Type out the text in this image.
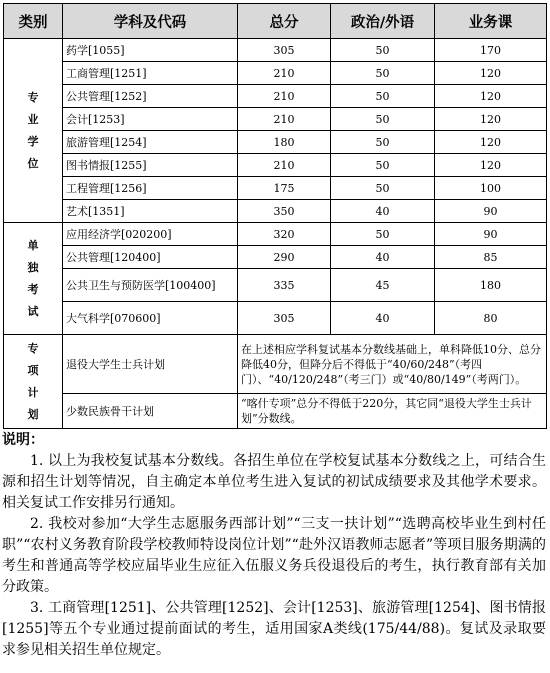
类别	学科及代码	总分	政治/外语	业务课
专业学位	药学[1055]	305	50	170
	工商管理[1251]	210	50	120
	公共管理[1252]	210	50	120
	会计[1253]	210	50	120
	旅游管理[1254]	180	50	120
	图书情报[1255]	210	50	120
	工程管理[1256]	175	50	100
	艺术[1351]	350	40	90
单独考试	应用经济学[020200]	320	50	90
	公共管理[120400]	290	40	85
	公共卫生与预防医学[100400]	335	45	180
	大气科学[070600]	305	40	80
专项计划	退役大学生士兵计划	在上述相应学科复试基本分数线基础上，单科降低10分、总分降低40分，但降分后不得低于“40/60/248”（考四门）、“40/120/248”（考三门）或“40/80/149”（考两门）。		
	少数民族骨干计划	“喀什专项”总分不得低于220分，其它同“退役大学生士兵计划”分数线。		
说明：

1. 以上为我校复试基本分数线。各招生单位在学校复试基本分数线之上，可结合生源和招生计划等情况，自主确定本单位考生进入复试的初试成绩要求及其他学术要求。相关复试工作安排另行通知。

2. 我校对参加“大学生志愿服务西部计划”“三支一扶计划”“选聘高校毕业生到村任职”“农村义务教育阶段学校教师特设岗位计划”“赴外汉语教师志愿者”等项目服务期满的考生和普通高等学校应届毕业生应征入伍服义务兵役退役后的考生，执行教育部有关加分政策。

3. 工商管理[1251]、公共管理[1252]、会计[1253]、旅游管理[1254]、图书情报[1255]等五个专业通过提前面试的考生，适用国家A类线(175/44/88)。复试及录取要求参见相关招生单位规定。
